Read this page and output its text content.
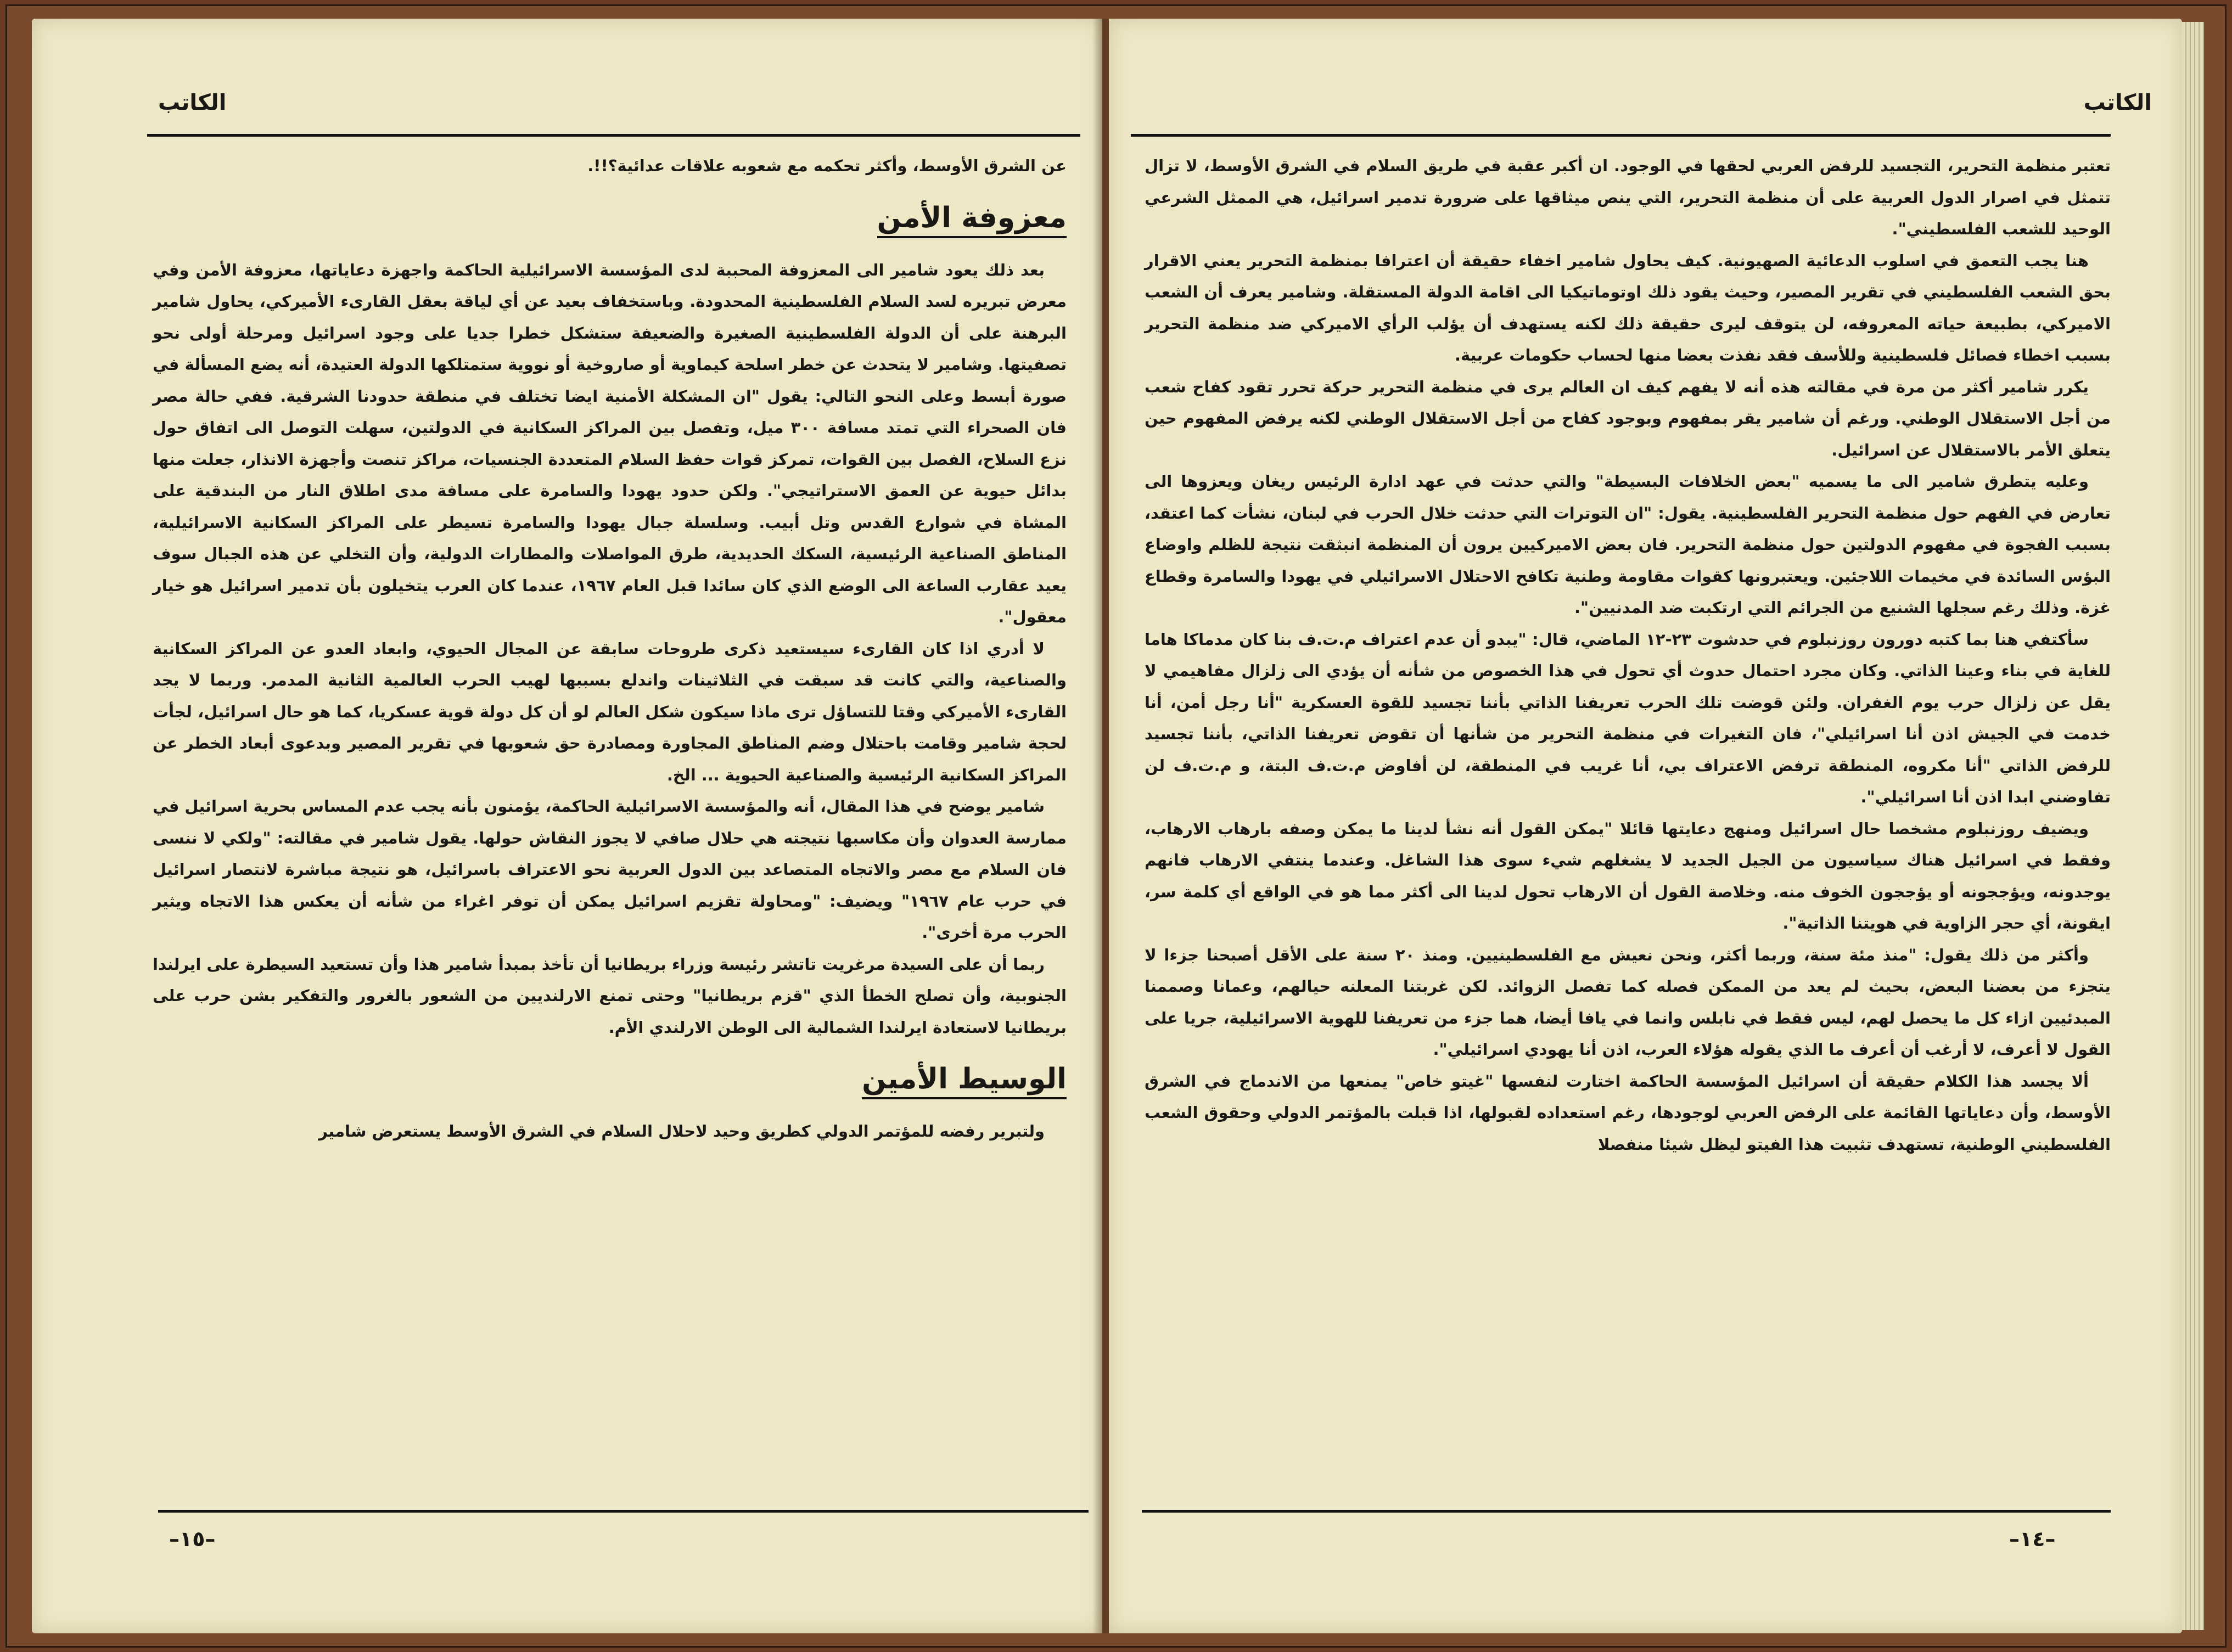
الكاتب

عن الشرق الأوسط، وأكثر تحكمه مع شعوبه علاقات عدائية؟!!.

معزوفة الأمن

بعد ذلك يعود شامير الى المعزوفة المحببة لدى المؤسسة الاسرائيلية الحاكمة واجهزة دعاياتها، معزوفة الأمن وفي معرض تبريره لسد السلام الفلسطينية المحدودة. وباستخفاف بعيد عن أي لياقة بعقل القارىء الأميركي، يحاول شامير البرهنة على أن الدولة الفلسطينية الصغيرة والضعيفة ستشكل خطرا جديا على وجود اسرائيل ومرحلة أولى نحو تصفيتها. وشامير لا يتحدث عن خطر اسلحة كيماوية أو صاروخية أو نووية ستمتلكها الدولة العتيدة، أنه يضع المسألة في صورة أبسط وعلى النحو التالي: يقول "ان المشكلة الأمنية ايضا تختلف في منطقة حدودنا الشرقية. ففي حالة مصر فان الصحراء التي تمتد مسافة ٣٠٠ ميل، وتفصل بين المراكز السكانية في الدولتين، سهلت التوصل الى اتفاق حول نزع السلاح، الفصل بين القوات، تمركز قوات حفظ السلام المتعددة الجنسيات، مراكز تنصت وأجهزة الانذار، جعلت منها بدائل حيوية عن العمق الاستراتيجي". ولكن حدود يهودا والسامرة على مسافة مدى اطلاق النار من البندقية على المشاة في شوارع القدس وتل أبيب. وسلسلة جبال يهودا والسامرة تسيطر على المراكز السكانية الاسرائيلية، المناطق الصناعية الرئيسية، السكك الحديدية، طرق المواصلات والمطارات الدولية، وأن التخلي عن هذه الجبال سوف يعيد عقارب الساعة الى الوضع الذي كان سائدا قبل العام ١٩٦٧، عندما كان العرب يتخيلون بأن تدمير اسرائيل هو خيار معقول".

لا أدري اذا كان القارىء سيستعيد ذكرى طروحات سابقة عن المجال الحيوي، وابعاد العدو عن المراكز السكانية والصناعية، والتي كانت قد سبقت في الثلاثينات واندلع بسببها لهيب الحرب العالمية الثانية المدمر. وربما لا يجد القارىء الأميركي وقتا للتساؤل ترى ماذا سيكون شكل العالم لو أن كل دولة قوية عسكريا، كما هو حال اسرائيل، لجأت لحجة شامير وقامت باحتلال وضم المناطق المجاورة ومصادرة حق شعوبها في تقرير المصير وبدعوى أبعاد الخطر عن المراكز السكانية الرئيسية والصناعية الحيوية ... الخ.

شامير يوضح في هذا المقال، أنه والمؤسسة الاسرائيلية الحاكمة، يؤمنون بأنه يجب عدم المساس بحرية اسرائيل في ممارسة العدوان وأن مكاسبها نتيجته هي حلال صافي لا يجوز النقاش حولها. يقول شامير في مقالته: "ولكي لا ننسى فان السلام مع مصر والاتجاه المتصاعد بين الدول العربية نحو الاعتراف باسرائيل، هو نتيجة مباشرة لانتصار اسرائيل في حرب عام ١٩٦٧" ويضيف: "ومحاولة تقزيم اسرائيل يمكن أن توفر اغراء من شأنه أن يعكس هذا الاتجاه ويثير الحرب مرة أخرى".

ربما أن على السيدة مرغريت تاتشر رئيسة وزراء بريطانيا أن تأخذ بمبدأ شامير هذا وأن تستعيد السيطرة على ايرلندا الجنوبية، وأن تصلح الخطأ الذي "قزم بريطانيا" وحتى تمنع الارلنديين من الشعور بالغرور والتفكير بشن حرب على بريطانيا لاستعادة ايرلندا الشمالية الى الوطن الارلندي الأم.

الوسيط الأمين

ولتبرير رفضه للمؤتمر الدولي كطريق وحيد لاحلال السلام في الشرق الأوسط يستعرض شامير

–١٥–
الكاتب

تعتبر منظمة التحرير، التجسيد للرفض العربي لحقها في الوجود. ان أكبر عقبة في طريق السلام في الشرق الأوسط، لا تزال تتمثل في اصرار الدول العربية على أن منظمة التحرير، التي ينص ميثاقها على ضرورة تدمير اسرائيل، هي الممثل الشرعي الوحيد للشعب الفلسطيني".

هنا يجب التعمق في اسلوب الدعائية الصهيونية. كيف يحاول شامير اخفاء حقيقة أن اعترافا بمنظمة التحرير يعني الاقرار بحق الشعب الفلسطيني في تقرير المصير، وحيث يقود ذلك اوتوماتيكيا الى اقامة الدولة المستقلة. وشامير يعرف أن الشعب الاميركي، بطبيعة حياته المعروفه، لن يتوقف ليرى حقيقة ذلك لكنه يستهدف أن يؤلب الرأي الاميركي ضد منظمة التحرير بسبب اخطاء فصائل فلسطينية وللأسف فقد نفذت بعضا منها لحساب حكومات عربية.

يكرر شامير أكثر من مرة في مقالته هذه أنه لا يفهم كيف ان العالم يرى في منظمة التحرير حركة تحرر تقود كفاح شعب من أجل الاستقلال الوطني. ورغم أن شامير يقر بمفهوم وبوجود كفاح من أجل الاستقلال الوطني لكنه يرفض المفهوم حين يتعلق الأمر بالاستقلال عن اسرائيل.

وعليه يتطرق شامير الى ما يسميه "بعض الخلافات البسيطة" والتي حدثت في عهد ادارة الرئيس ريغان ويعزوها الى تعارض في الفهم حول منظمة التحرير الفلسطينية. يقول: "ان التوترات التي حدثت خلال الحرب في لبنان، نشأت كما اعتقد، بسبب الفجوة في مفهوم الدولتين حول منظمة التحرير. فان بعض الاميركيين يرون أن المنظمة انبثقت نتيجة للظلم واوضاع البؤس السائدة في مخيمات اللاجئين. ويعتبرونها كقوات مقاومة وطنية تكافح الاحتلال الاسرائيلي في يهودا والسامرة وقطاع غزة. وذلك رغم سجلها الشنيع من الجرائم التي ارتكبت ضد المدنيين".

سأكتفي هنا بما كتبه دورون روزنبلوم في حدشوت ٢٣-١٢ الماضي، قال: "يبدو أن عدم اعتراف م.ت.ف بنا كان مدماكا هاما للغاية في بناء وعينا الذاتي. وكان مجرد احتمال حدوث أي تحول في هذا الخصوص من شأنه أن يؤدي الى زلزال مفاهيمي لا يقل عن زلزال حرب يوم الغفران. ولئن قوضت تلك الحرب تعريفنا الذاتي بأننا تجسيد للقوة العسكرية "أنا رجل أمن، أنا خدمت في الجيش اذن أنا اسرائيلي"، فان التغيرات في منظمة التحرير من شأنها أن تقوض تعريفنا الذاتي، بأننا تجسيد للرفض الذاتي "أنا مكروه، المنطقة ترفض الاعتراف بي، أنا غريب في المنطقة، لن أفاوض م.ت.ف البتة، و م.ت.ف لن تفاوضني ابدا اذن أنا اسرائيلي".

ويضيف روزنبلوم مشخصا حال اسرائيل ومنهج دعايتها قائلا "يمكن القول أنه نشأ لدينا ما يمكن وصفه بارهاب الارهاب، وفقط في اسرائيل هناك سياسيون من الجيل الجديد لا يشغلهم شيء سوى هذا الشاغل. وعندما ينتفي الارهاب فانهم يوجدونه، ويؤججونه أو يؤججون الخوف منه. وخلاصة القول أن الارهاب تحول لدينا الى أكثر مما هو في الواقع أي كلمة سر، ايقونة، أي حجر الزاوية في هويتنا الذاتية".

وأكثر من ذلك يقول: "منذ مئة سنة، وربما أكثر، ونحن نعيش مع الفلسطينيين. ومنذ ٢٠ سنة على الأقل أصبحنا جزءا لا يتجزء من بعضنا البعض، بحيث لم يعد من الممكن فصله كما تفصل الزوائد. لكن غربتنا المعلنه حيالهم، وعمانا وصممنا المبدئيين ازاء كل ما يحصل لهم، ليس فقط في نابلس وانما في يافا أيضا، هما جزء من تعريفنا للهوية الاسرائيلية، جريا على القول لا أعرف، لا أرغب أن أعرف ما الذي يقوله هؤلاء العرب، اذن أنا يهودي اسرائيلي".

ألا يجسد هذا الكلام حقيقة أن اسرائيل المؤسسة الحاكمة اختارت لنفسها "غيتو خاص" يمنعها من الاندماج في الشرق الأوسط، وأن دعاياتها القائمة على الرفض العربي لوجودها، رغم استعداده لقبولها، اذا قبلت بالمؤتمر الدولي وحقوق الشعب الفلسطيني الوطنية، تستهدف تثبيت هذا الفيتو ليظل شيئا منفصلا

–١٤–
